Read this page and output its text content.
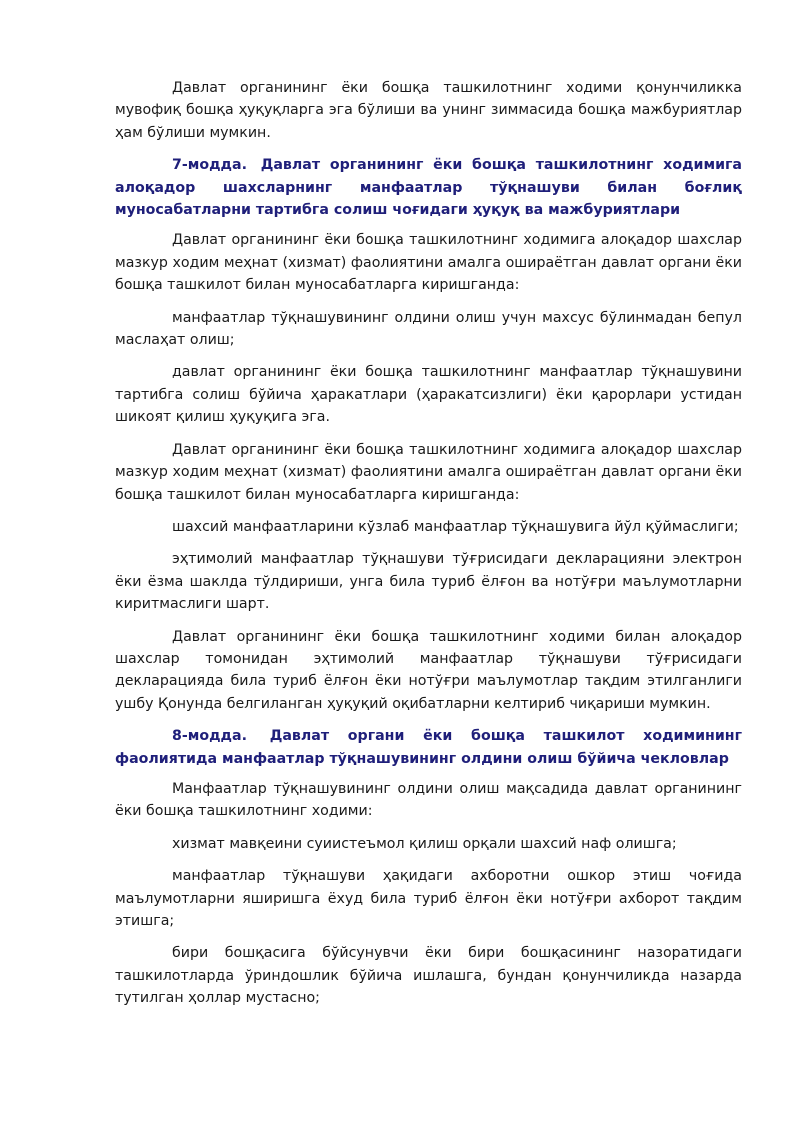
Давлат органининг ёки бошқа ташкилотнинг ходими қонунчиликка мувофиқ бошқа ҳуқуқларга эга бўлиши ва унинг зиммасида бошқа мажбуриятлар ҳам бўлиши мумкин.

7-модда. Давлат органининг ёки бошқа ташкилотнинг ходимига алоқадор шахсларнинг манфаатлар тўқнашуви билан боғлиқ муносабатларни тартибга солиш чоғидаги ҳуқуқ ва мажбуриятлари

Давлат органининг ёки бошқа ташкилотнинг ходимига алоқадор шахслар мазкур ходим меҳнат (хизмат) фаолиятини амалга ошираётган давлат органи ёки бошқа ташкилот билан муносабатларга киришганда:

манфаатлар тўқнашувининг олдини олиш учун махсус бўлинмадан бепул маслаҳат олиш;

давлат органининг ёки бошқа ташкилотнинг манфаатлар тўқнашувини тартибга солиш бўйича ҳаракатлари (ҳаракатсизлиги) ёки қарорлари устидан шикоят қилиш ҳуқуқига эга.

Давлат органининг ёки бошқа ташкилотнинг ходимига алоқадор шахслар мазкур ходим меҳнат (хизмат) фаолиятини амалга ошираётган давлат органи ёки бошқа ташкилот билан муносабатларга киришганда:

шахсий манфаатларини кўзлаб манфаатлар тўқнашувига йўл қўймаслиги;

эҳтимолий манфаатлар тўқнашуви тўғрисидаги декларацияни электрон ёки ёзма шаклда тўлдириши, унга била туриб ёлғон ва нотўғри маълумотларни киритмаслиги шарт.

Давлат органининг ёки бошқа ташкилотнинг ходими билан алоқадор шахслар томонидан эҳтимолий манфаатлар тўқнашуви тўғрисидаги декларацияда била туриб ёлғон ёки нотўғри маълумотлар тақдим этилганлиги ушбу Қонунда белгиланган ҳуқуқий оқибатларни келтириб чиқариши мумкин.

8-модда. Давлат органи ёки бошқа ташкилот ходимининг фаолиятида манфаатлар тўқнашувининг олдини олиш бўйича чекловлар

Манфаатлар тўқнашувининг олдини олиш мақсадида давлат органининг ёки бошқа ташкилотнинг ходими:

хизмат мавқеини суиистеъмол қилиш орқали шахсий наф олишга;

манфаатлар тўқнашуви ҳақидаги ахборотни ошкор этиш чоғида маълумотларни яширишга ёхуд била туриб ёлғон ёки нотўғри ахборот тақдим этишга;

бири бошқасига бўйсунувчи ёки бири бошқасининг назоратидаги ташкилотларда ўриндошлик бўйича ишлашга, бундан қонунчиликда назарда тутилган ҳоллар мустасно;
